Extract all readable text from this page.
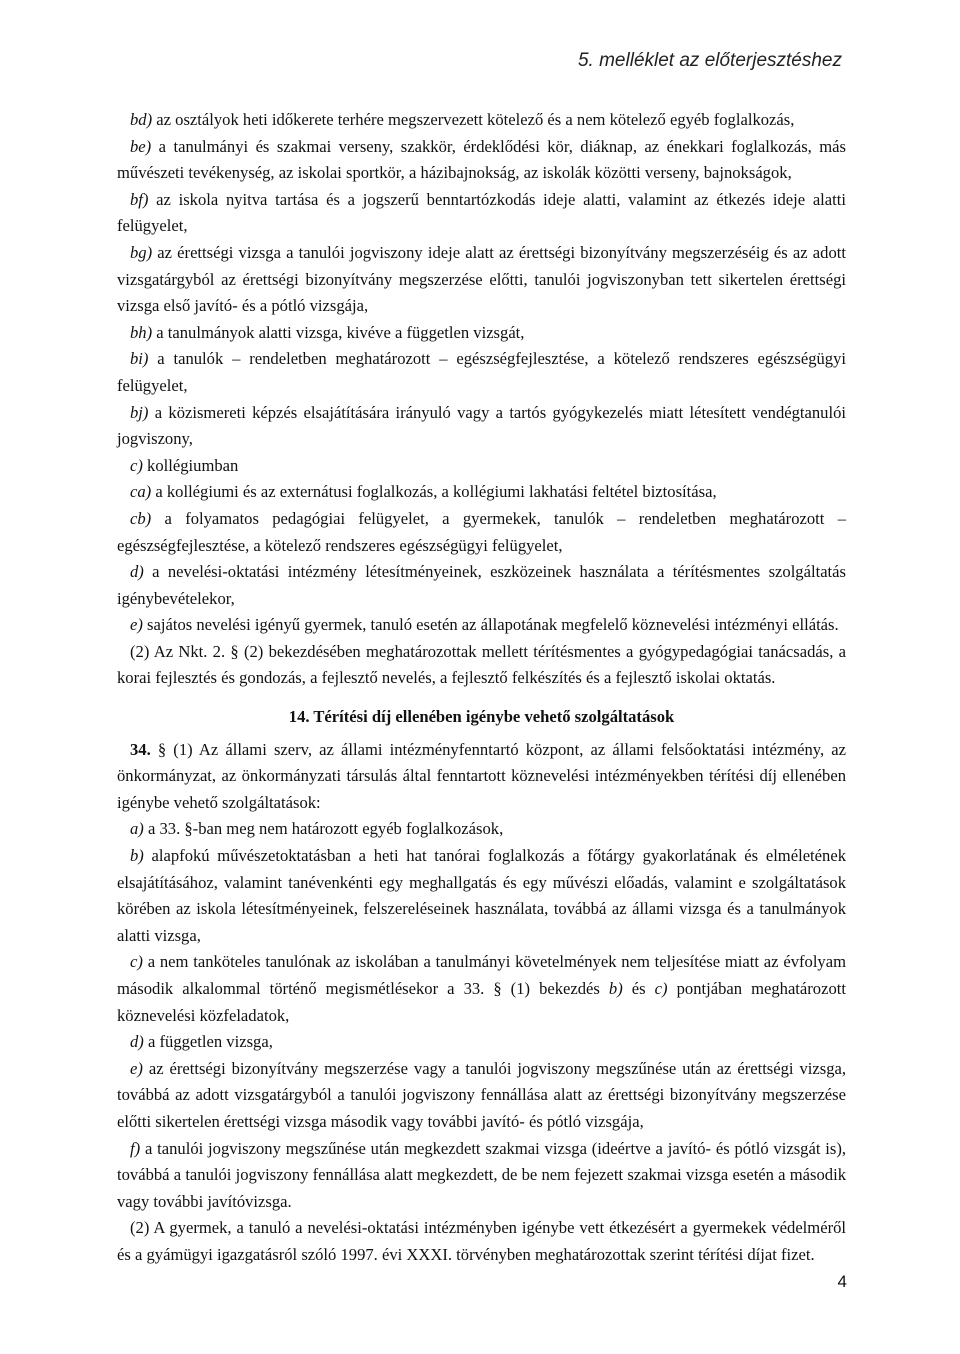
5. melléklet az előterjesztéshez

bd) az osztályok heti időkerete terhére megszervezett kötelező és a nem kötelező egyéb foglalkozás,

be) a tanulmányi és szakmai verseny, szakkör, érdeklődési kör, diáknap, az énekkari foglalkozás, más művészeti tevékenység, az iskolai sportkör, a házibajnokság, az iskolák közötti verseny, bajnokságok,

bf) az iskola nyitva tartása és a jogszerű benntartózkodás ideje alatti, valamint az étkezés ideje alatti felügyelet,

bg) az érettségi vizsga a tanulói jogviszony ideje alatt az érettségi bizonyítvány megszerzéséig és az adott vizsgatárgyból az érettségi bizonyítvány megszerzése előtti, tanulói jogviszonyban tett sikertelen érettségi vizsga első javító- és a pótló vizsgája,

bh) a tanulmányok alatti vizsga, kivéve a független vizsgát,

bi) a tanulók – rendeletben meghatározott – egészségfejlesztése, a kötelező rendszeres egészségügyi felügyelet,

bj) a közismereti képzés elsajátítására irányuló vagy a tartós gyógykezelés miatt létesített vendégtanulói jogviszony,

c) kollégiumban

ca) a kollégiumi és az externátusi foglalkozás, a kollégiumi lakhatási feltétel biztosítása,

cb) a folyamatos pedagógiai felügyelet, a gyermekek, tanulók – rendeletben meghatározott – egészségfejlesztése, a kötelező rendszeres egészségügyi felügyelet,

d) a nevelési-oktatási intézmény létesítményeinek, eszközeinek használata a térítésmentes szolgáltatás igénybevételekor,

e) sajátos nevelési igényű gyermek, tanuló esetén az állapotának megfelelő köznevelési intézményi ellátás.

(2) Az Nkt. 2. § (2) bekezdésében meghatározottak mellett térítésmentes a gyógypedagógiai tanácsadás, a korai fejlesztés és gondozás, a fejlesztő nevelés, a fejlesztő felkészítés és a fejlesztő iskolai oktatás.

14. Térítési díj ellenében igénybe vehető szolgáltatások

34. § (1) Az állami szerv, az állami intézményfenntartó központ, az állami felsőoktatási intézmény, az önkormányzat, az önkormányzati társulás által fenntartott köznevelési intézményekben térítési díj ellenében igénybe vehető szolgáltatások:

a) a 33. §-ban meg nem határozott egyéb foglalkozások,

b) alapfokú művészetoktatásban a heti hat tanórai foglalkozás a főtárgy gyakorlatának és elméletének elsajátításához, valamint tanévenkénti egy meghallgatás és egy művészi előadás, valamint e szolgáltatások körében az iskola létesítményeinek, felszereléseinek használata, továbbá az állami vizsga és a tanulmányok alatti vizsga,

c) a nem tanköteles tanulónak az iskolában a tanulmányi követelmények nem teljesítése miatt az évfolyam második alkalommal történő megismétlésekor a 33. § (1) bekezdés b) és c) pontjában meghatározott köznevelési közfeladatok,

d) a független vizsga,

e) az érettségi bizonyítvány megszerzése vagy a tanulói jogviszony megszűnése után az érettségi vizsga, továbbá az adott vizsgatárgyból a tanulói jogviszony fennállása alatt az érettségi bizonyítvány megszerzése előtti sikertelen érettségi vizsga második vagy további javító- és pótló vizsgája,

f) a tanulói jogviszony megszűnése után megkezdett szakmai vizsga (ideértve a javító- és pótló vizsgát is), továbbá a tanulói jogviszony fennállása alatt megkezdett, de be nem fejezett szakmai vizsga esetén a második vagy további javítóvizsga.

(2) A gyermek, a tanuló a nevelési-oktatási intézményben igénybe vett étkezésért a gyermekek védelméről és a gyámügyi igazgatásról szóló 1997. évi XXXI. törvényben meghatározottak szerint térítési díjat fizet.

4
